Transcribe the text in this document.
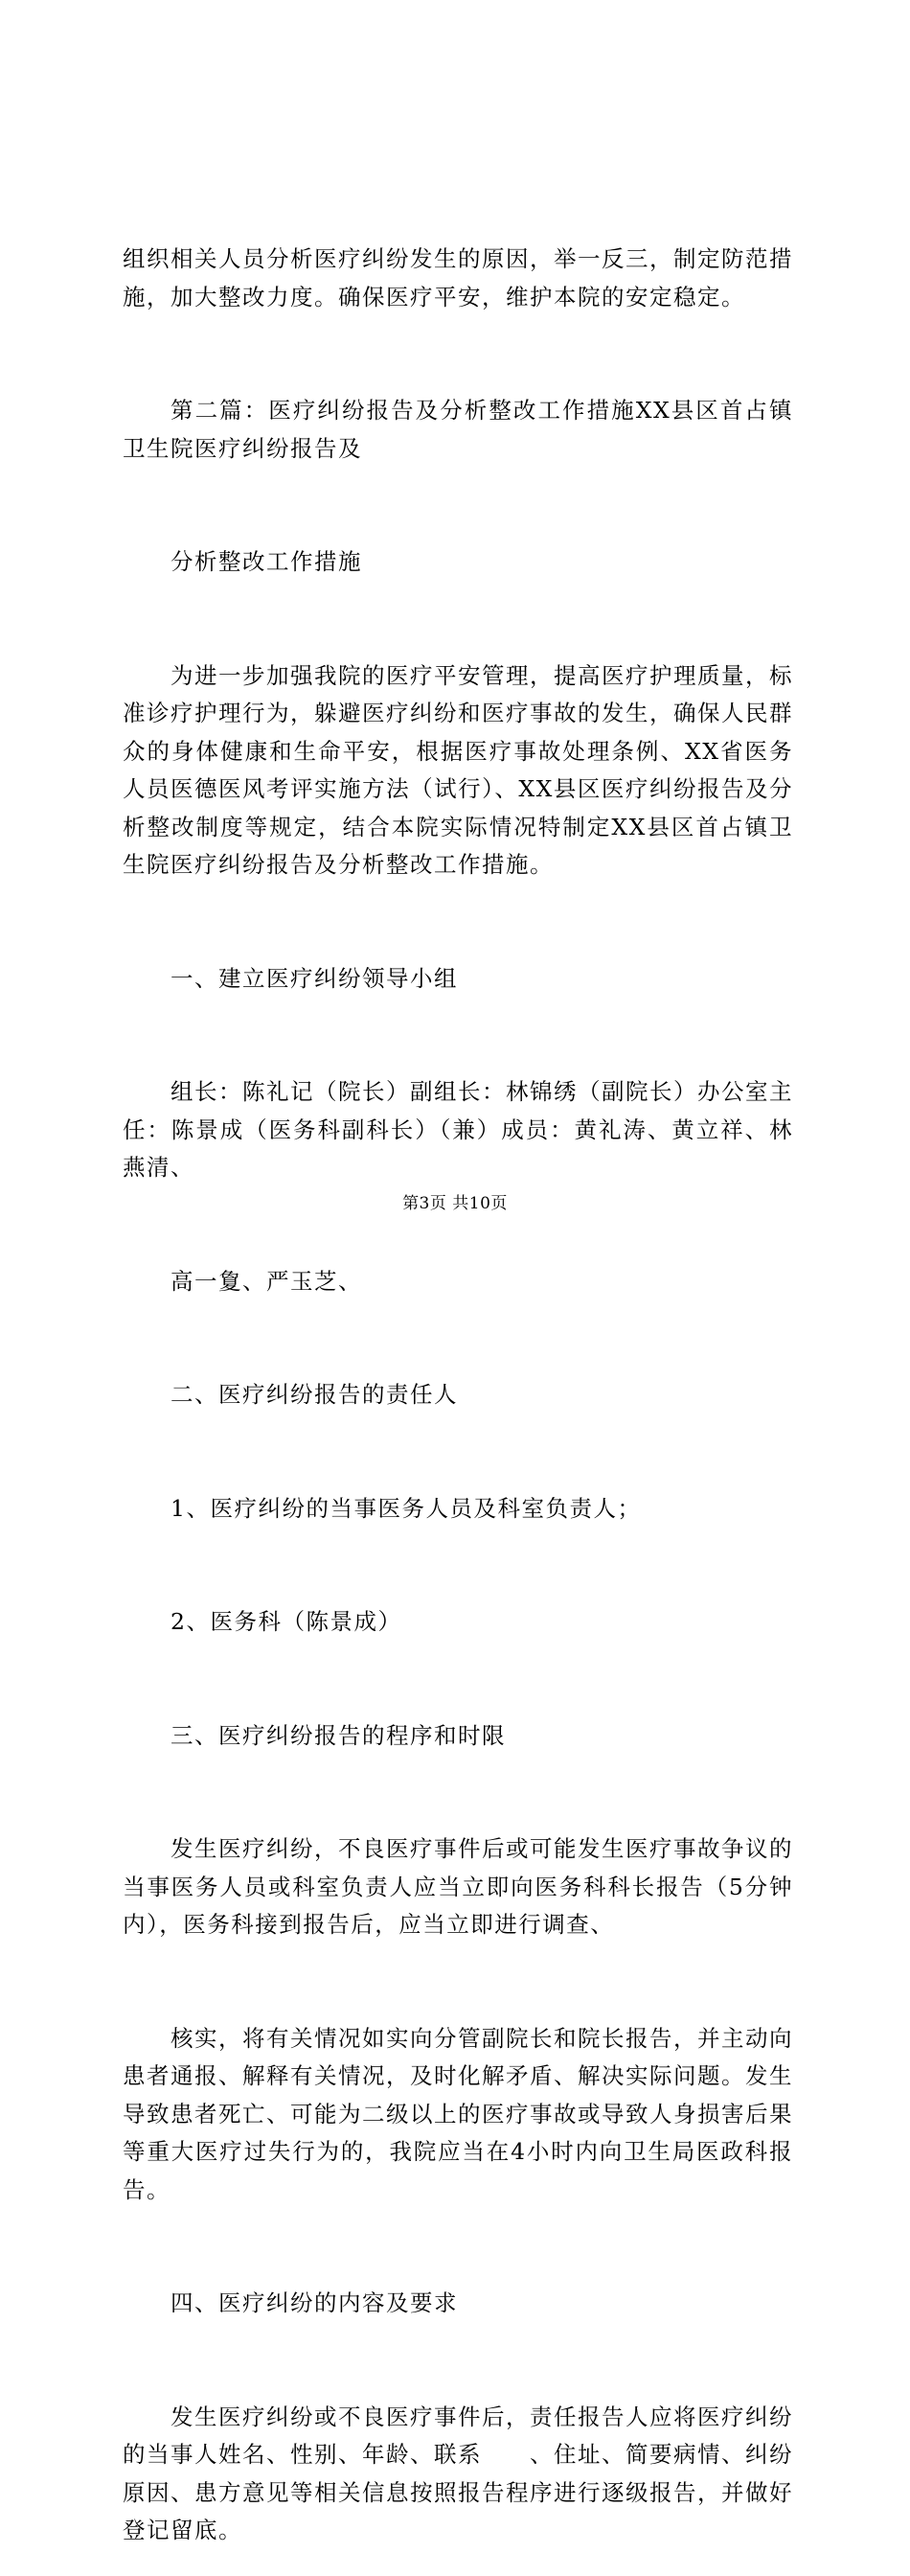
组织相关人员分析医疗纠纷发生的原因，举一反三，制定防范措施，加大整改力度。确保医疗平安，维护本院的安定稳定。

第二篇：医疗纠纷报告及分析整改工作措施XX县区首占镇卫生院医疗纠纷报告及

分析整改工作措施

为进一步加强我院的医疗平安管理，提高医疗护理质量，标准诊疗护理行为，躲避医疗纠纷和医疗事故的发生，确保人民群众的身体健康和生命平安，根据医疗事故处理条例、XX省医务人员医德医风考评实施方法（试行）、XX县区医疗纠纷报告及分析整改制度等规定，结合本院实际情况特制定XX县区首占镇卫生院医疗纠纷报告及分析整改工作措施。

一、建立医疗纠纷领导小组

组长：陈礼记（院长）副组长：林锦绣（副院长）办公室主任：陈景成（医务科副科长）（兼）成员：黄礼涛、黄立祥、林燕清、

高一夐、严玉芝、

二、医疗纠纷报告的责任人

1、医疗纠纷的当事医务人员及科室负责人；

2、医务科（陈景成）

三、医疗纠纷报告的程序和时限

发生医疗纠纷，不良医疗事件后或可能发生医疗事故争议的当事医务人员或科室负责人应当立即向医务科科长报告（5分钟内），医务科接到报告后，应当立即进行调查、

核实，将有关情况如实向分管副院长和院长报告，并主动向患者通报、解释有关情况，及时化解矛盾、解决实际问题。发生导致患者死亡、可能为二级以上的医疗事故或导致人身损害后果等重大医疗过失行为的，我院应当在4小时内向卫生局医政科报告。

四、医疗纠纷的内容及要求

发生医疗纠纷或不良医疗事件后，责任报告人应将医疗纠纷的当事人姓名、性别、年龄、联系　　、住址、简要病情、纠纷原因、患方意见等相关信息按照报告程序进行逐级报告，并做好登记留底。

第3页 共10页
